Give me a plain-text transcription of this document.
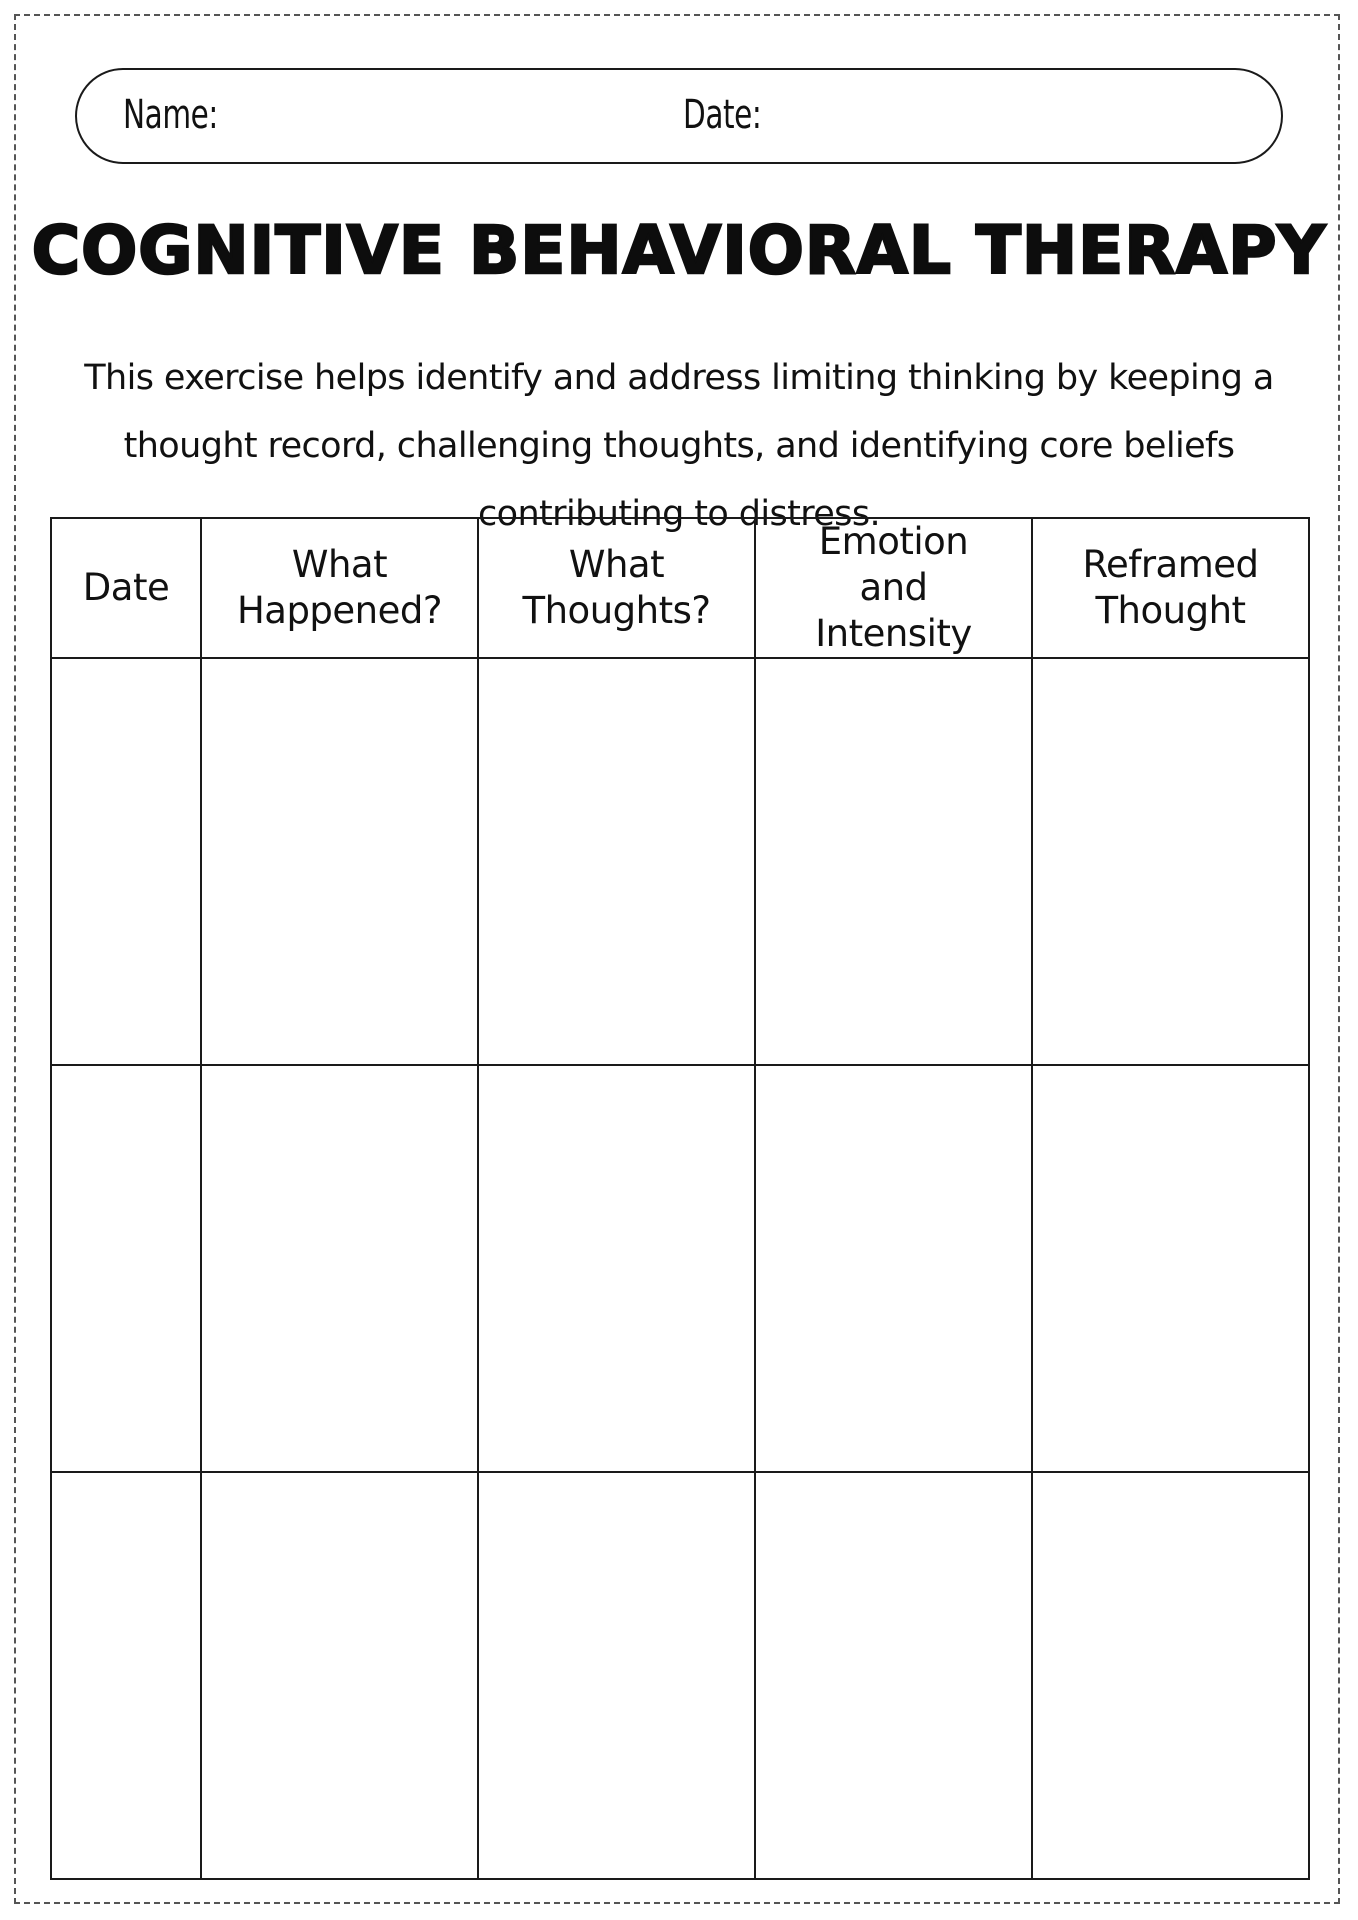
Name:	Date:
COGNITIVE BEHAVIORAL THERAPY
This exercise helps identify and address limiting thinking by keeping a thought record, challenging thoughts, and identifying core beliefs contributing to distress.
Date	What Happened?	What Thoughts?	Emotion and Intensity	Reframed Thought
